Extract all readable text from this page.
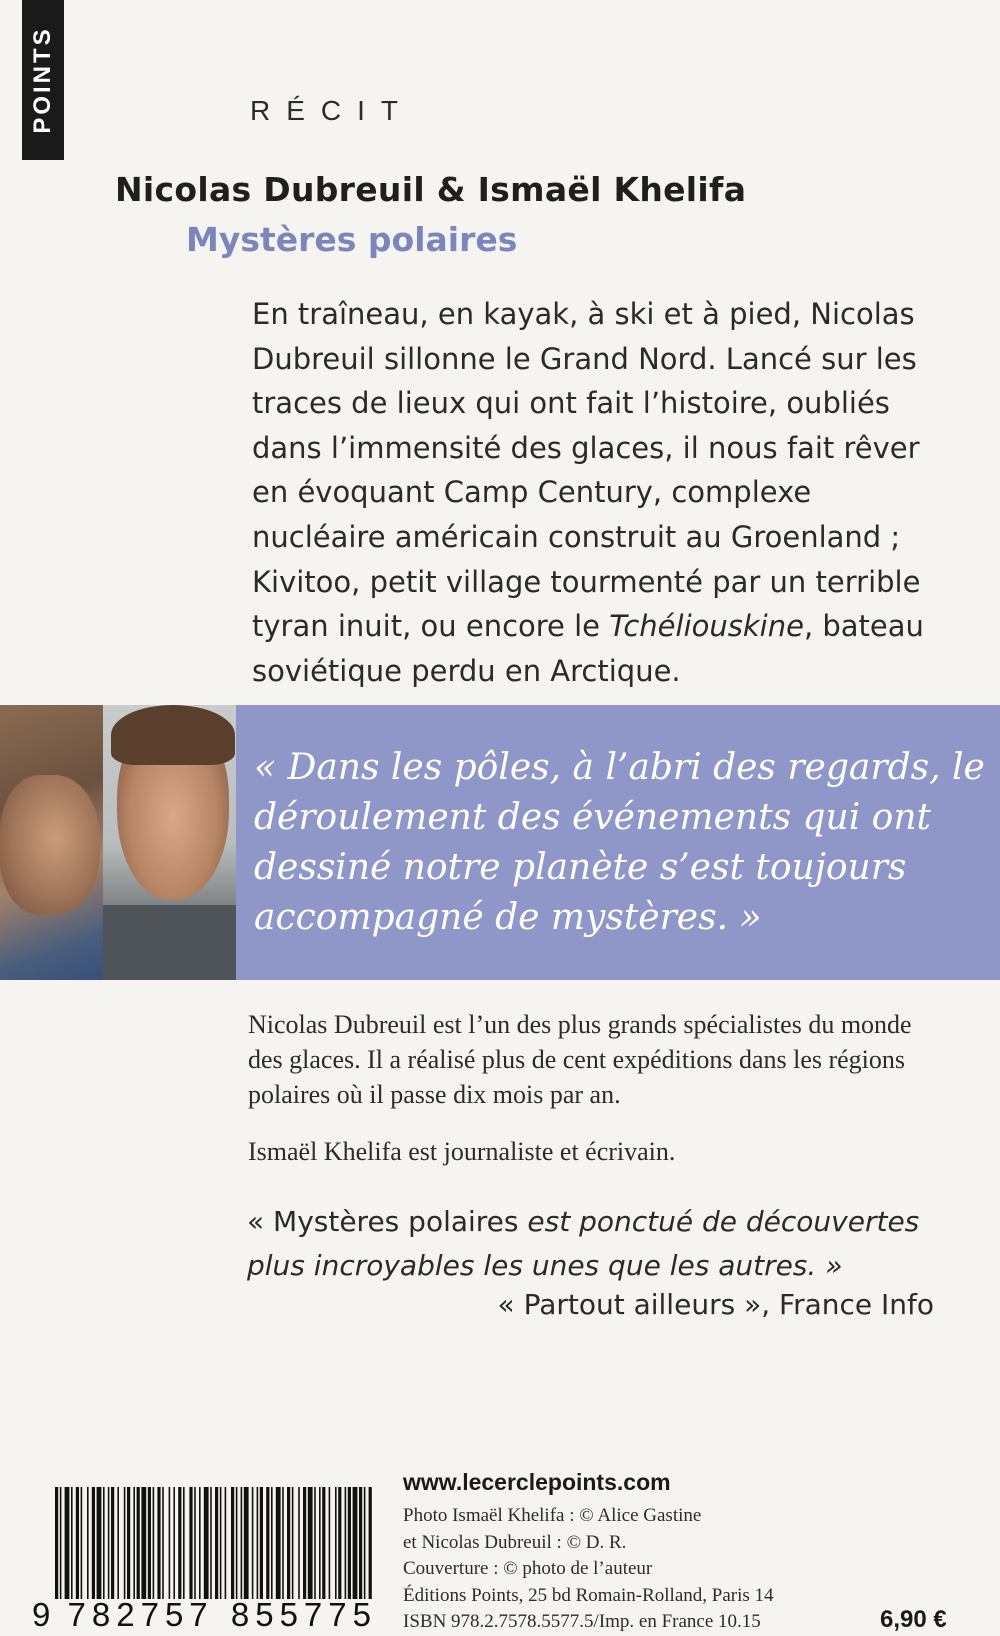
POINTS	RÉCIT
Nicolas Dubreuil & Ismaël Khelifa
Mystères polaires

En traîneau, en kayak, à ski et à pied, Nicolas Dubreuil sillonne le Grand Nord. Lancé sur les traces de lieux qui ont fait l’histoire, oubliés dans l’immensité des glaces, il nous fait rêver en évoquant Camp Century, complexe nucléaire américain construit au Groenland ; Kivitoo, petit village tourmenté par un terrible tyran inuit, ou encore le Tchéliouskine, bateau soviétique perdu en Arctique.

« Dans les pôles, à l’abri des regards, le déroulement des événements qui ont dessiné notre planète s’est toujours accompagné de mystères. »

Nicolas Dubreuil est l’un des plus grands spécialistes du monde des glaces. Il a réalisé plus de cent expéditions dans les régions polaires où il passe dix mois par an.

Ismaël Khelifa est journaliste et écrivain.
« Mystères polaires est ponctué de découvertes plus incroyables les unes que les autres. »
« Partout ailleurs », France Info
9 782757 855775
www.lecerclepoints.com
Photo Ismaël Khelifa : © Alice Gastine
et Nicolas Dubreuil : © D. R.
Couverture : © photo de l’auteur
Éditions Points, 25 bd Romain-Rolland, Paris 14
ISBN 978.2.7578.5577.5/Imp. en France 10.15	6,90 €
